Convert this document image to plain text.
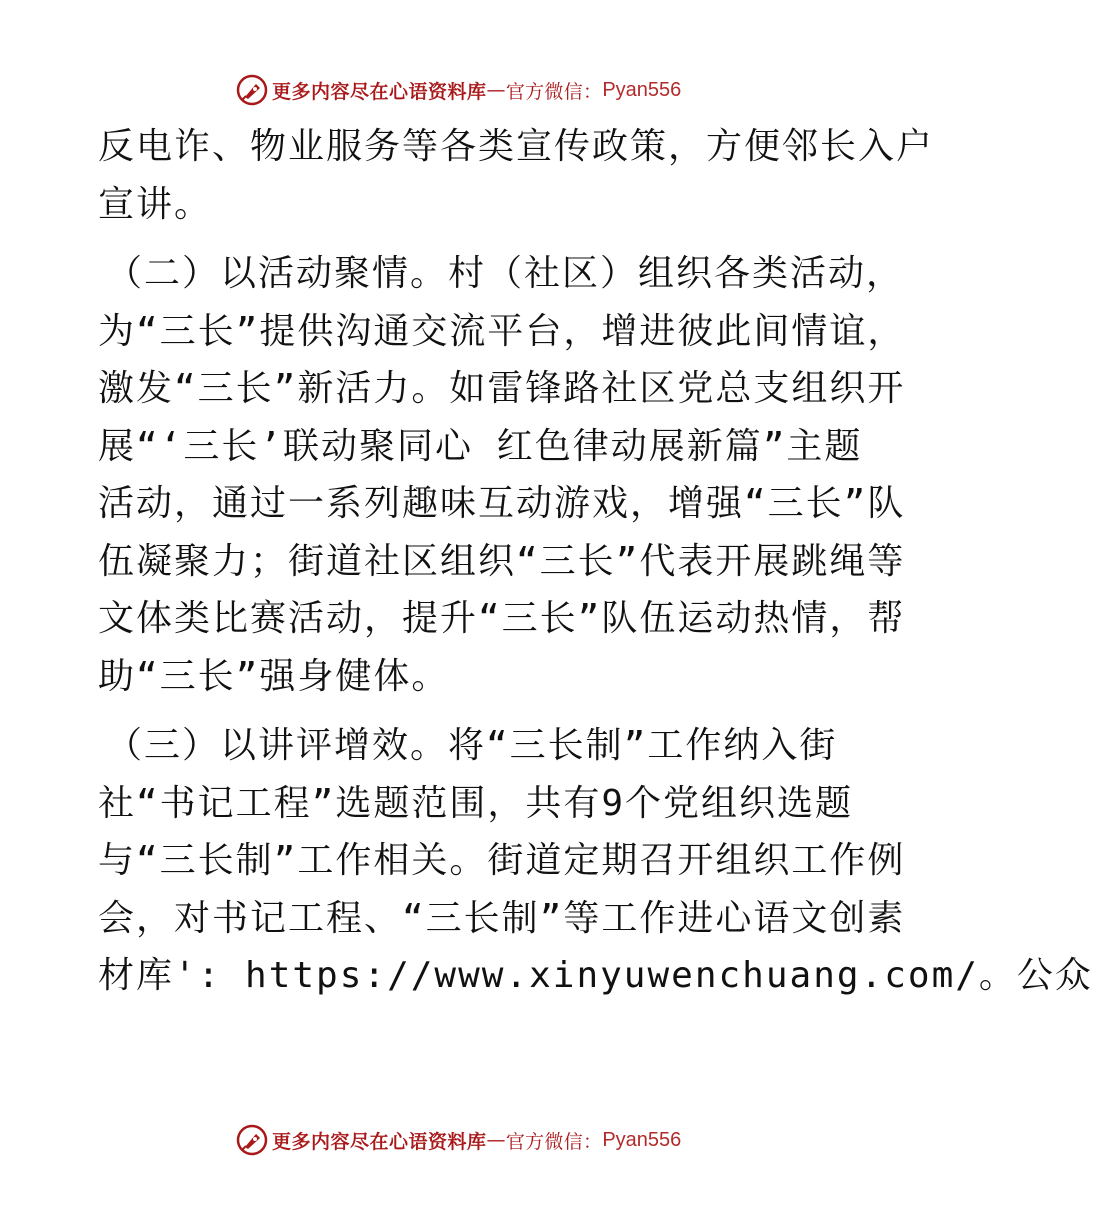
更多内容尽在心语资料库 — 官方微信： Pyan556
反电诈、物业服务等各类宣传政策，方便邻长入户
宣讲。
（二）以活动聚情。村（社区）组织各类活动，
为“三长”提供沟通交流平台，增进彼此间情谊，
激发“三长”新活力。如雷锋路社区党总支组织开
展“‘三长’联动聚同心 红色律动展新篇”主题
活动，通过一系列趣味互动游戏，增强“三长”队
伍凝聚力；街道社区组织“三长”代表开展跳绳等
文体类比赛活动，提升“三长”队伍运动热情，帮
助“三长”强身健体。
（三）以讲评增效。将“三长制”工作纳入街
社“书记工程”选题范围，共有9个党组织选题
与“三长制”工作相关。街道定期召开组织工作例
会，对书记工程、“三长制”等工作进心语文创素
材库': https://www.xinyuwenchuang.com/。公众
更多内容尽在心语资料库 — 官方微信： Pyan556
